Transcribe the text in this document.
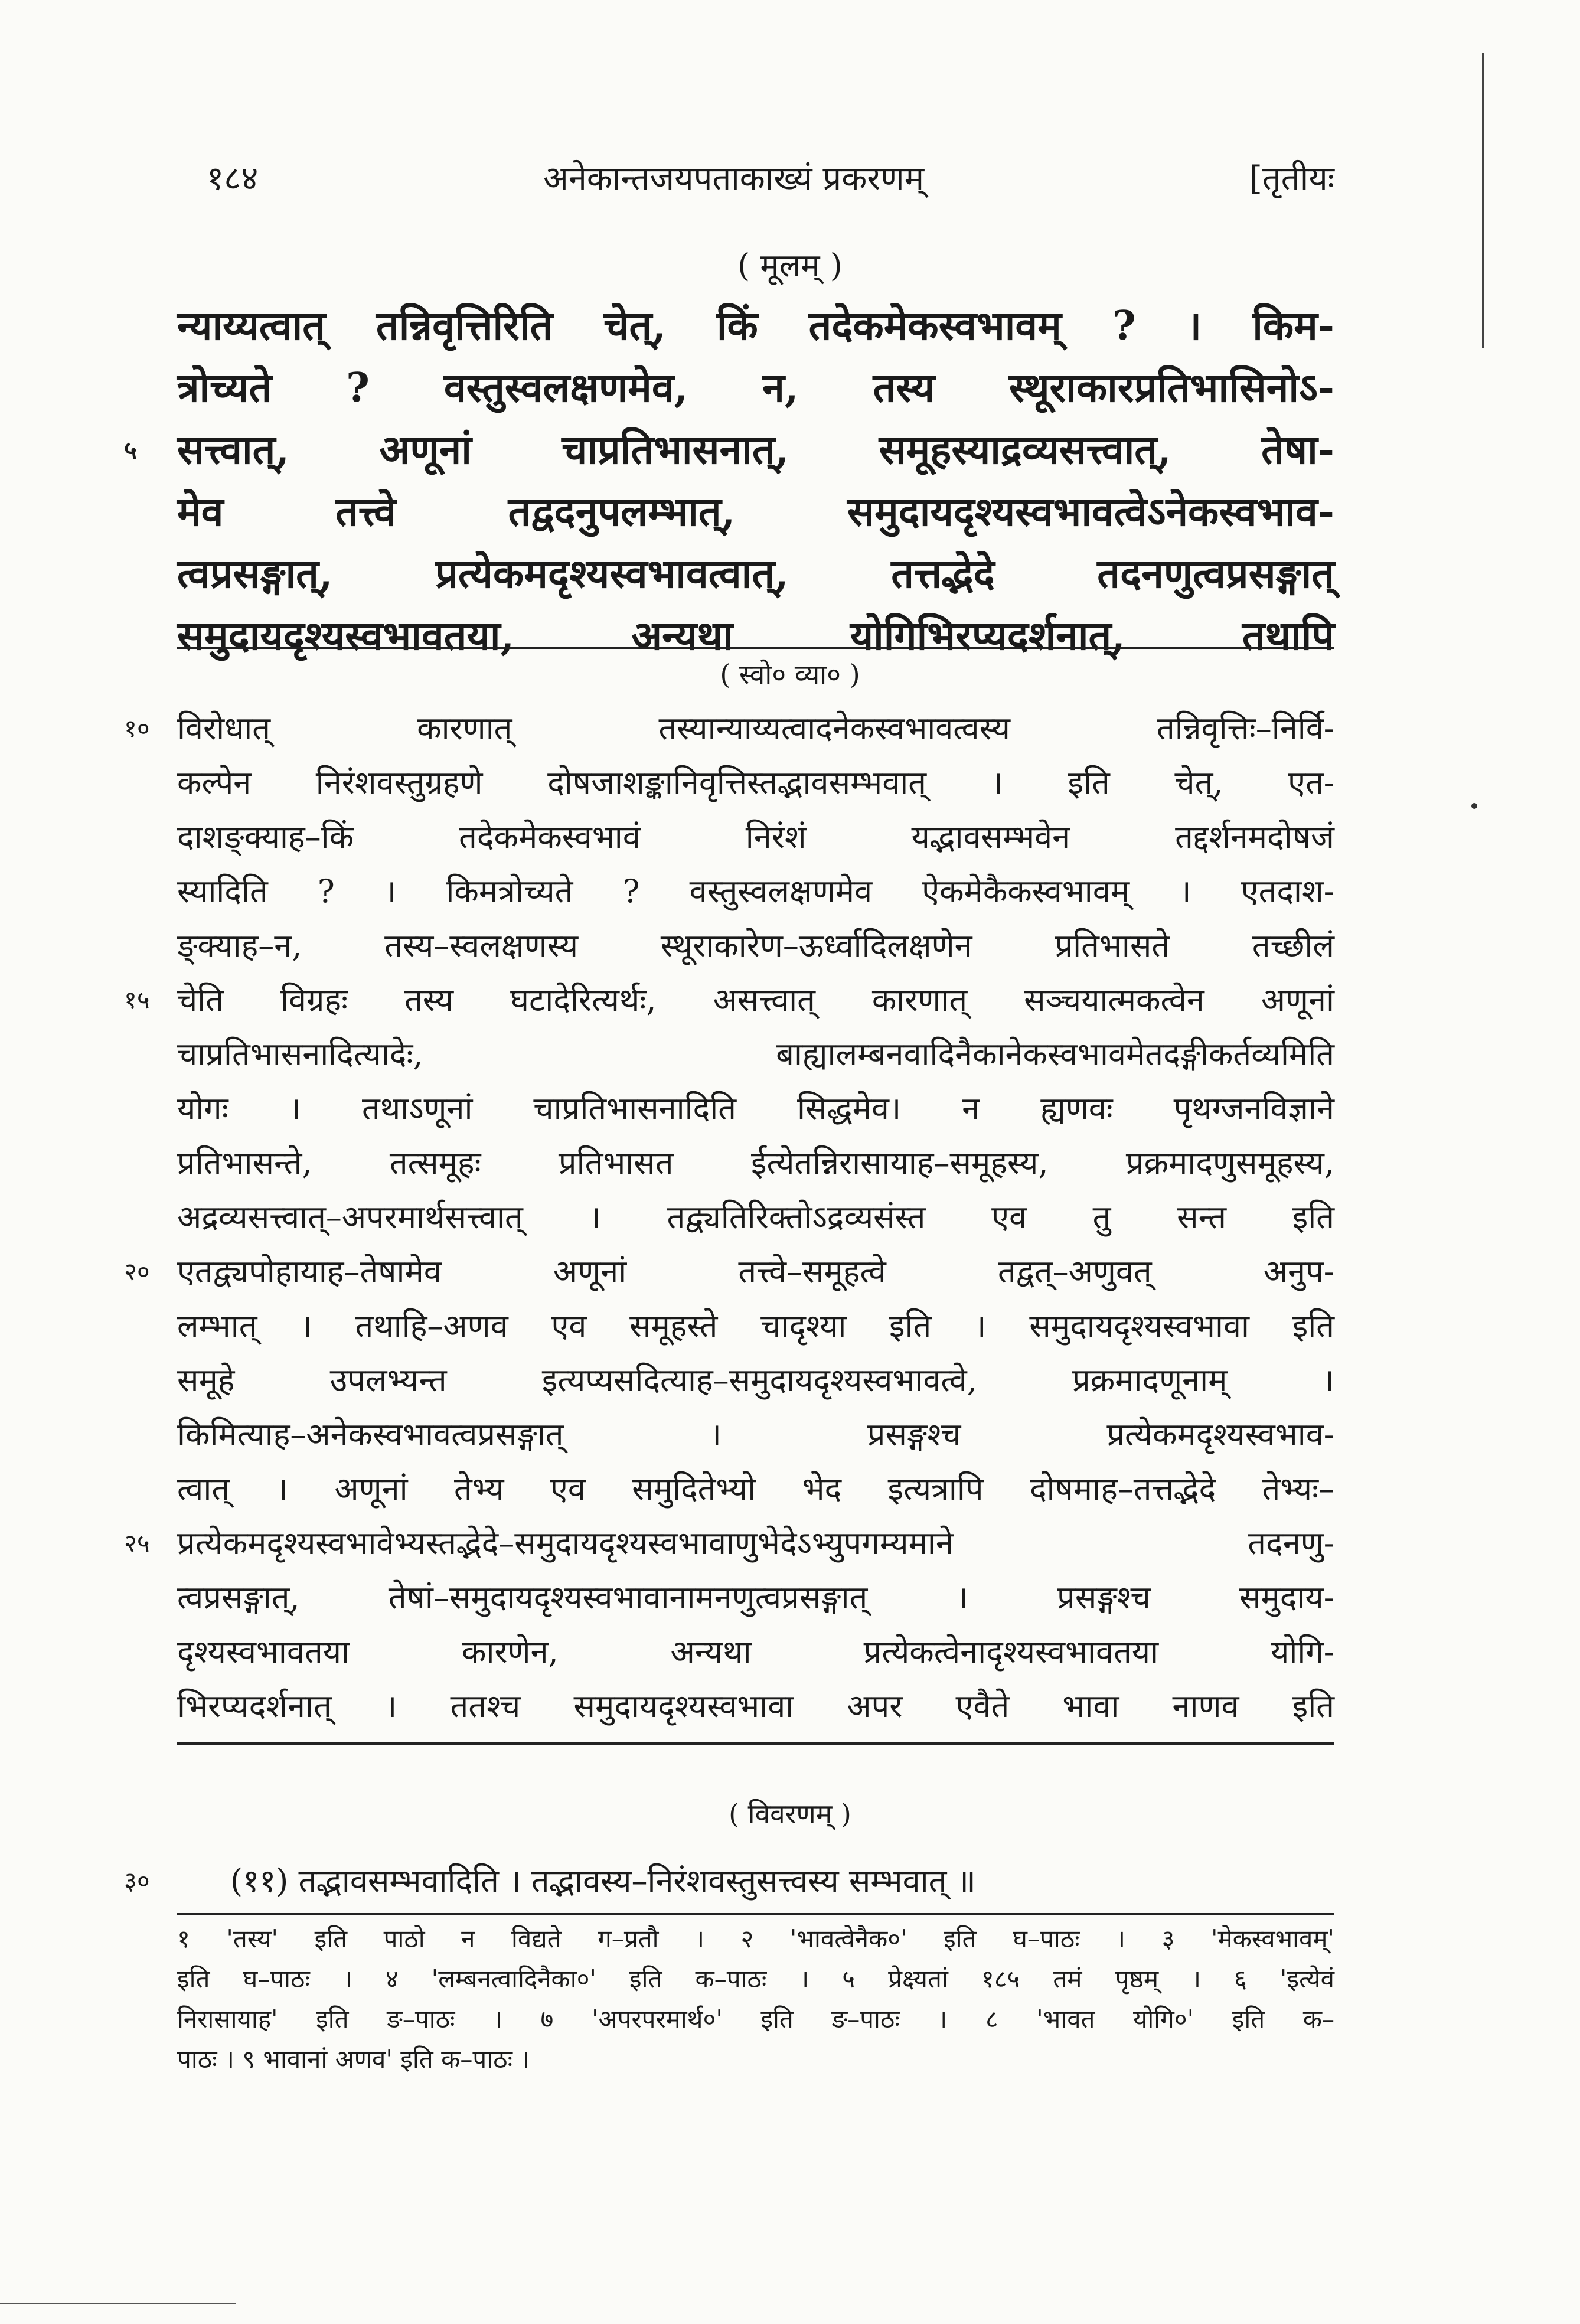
१८४	अनेकान्तजयपताकाख्यं प्रकरणम्	[तृतीयः
( मूलम् )
न्याय्यत्वात् तन्निवृत्तिरिति चेत्, किं तदेकमेकस्वभावम् ? । किम-
त्रोच्यते ? वस्तुस्वलक्षणमेव, न, तस्य स्थूराकारप्रतिभासिनोऽ-
५	सत्त्वात्, अणूनां चाप्रतिभासनात्, समूहस्याद्रव्यसत्त्वात्, तेषा-
मेव तत्त्वे तद्वदनुपलम्भात्, समुदायदृश्यस्वभावत्वेऽनेकस्वभाव-
त्वप्रसङ्गात्, प्रत्येकमदृश्यस्वभावत्वात्, तत्तद्भेदे तदनणुत्वप्रसङ्गात्
समुदायदृश्यस्वभावतया, अन्यथा योगिभिरप्यदर्शनात्, तथापि
( स्वो० व्या० )
१० विरोधात् कारणात् तस्यान्याय्यत्वादनेकस्वभावत्वस्य तन्निवृत्तिः–निर्वि-
कल्पेन निरंशवस्तुग्रहणे दोषजाशङ्कानिवृत्तिस्तद्भावसम्भवात् । इति चेत्, एत-
दाशङ्क्याह–किं तदेकमेकस्वभावं निरंशं यद्भावसम्भवेन तद्दर्शनमदोषजं
स्यादिति ? । किमत्रोच्यते ? वस्तुस्वलक्षणमेव ऐकमेकैकस्वभावम् । एतदाश-
ङ्क्याह–न, तस्य–स्वलक्षणस्य स्थूराकारेण–ऊर्ध्वादिलक्षणेन प्रतिभासते तच्छीलं
१५ चेति विग्रहः तस्य घटादेरित्यर्थः, असत्त्वात् कारणात् सञ्चयात्मकत्वेन अणूनां
चाप्रतिभासनादित्यादेः, बाह्यालम्बनवादिनैकानेकस्वभावमेतदङ्गीकर्तव्यमिति
योगः । तथाऽणूनां चाप्रतिभासनादिति सिद्धमेव। न ह्यणवः पृथग्जनविज्ञाने
प्रतिभासन्ते, तत्समूहः प्रतिभासत ईत्येतन्निरासायाह–समूहस्य, प्रक्रमादणुसमूहस्य,
अद्रव्यसत्त्वात्–अपरमार्थसत्त्वात् । तद्व्यतिरिक्तोऽद्रव्यसंस्त एव तु सन्त इति
२० एतद्व्यपोहायाह–तेषामेव अणूनां तत्त्वे–समूहत्वे तद्वत्–अणुवत् अनुप-
लम्भात् । तथाहि–अणव एव समूहस्ते चादृश्या इति । समुदायदृश्यस्वभावा इति
समूहे उपलभ्यन्त इत्यप्यसदित्याह–समुदायदृश्यस्वभावत्वे, प्रक्रमादणूनाम् ।
किमित्याह–अनेकस्वभावत्वप्रसङ्गात् । प्रसङ्गश्च प्रत्येकमदृश्यस्वभाव-
त्वात् । अणूनां तेभ्य एव समुदितेभ्यो भेद इत्यत्रापि दोषमाह–तत्तद्भेदे तेभ्यः–
२५ प्रत्येकमदृश्यस्वभावेभ्यस्तद्भेदे–समुदायदृश्यस्वभावाणुभेदेऽभ्युपगम्यमाने तदनणु-
त्वप्रसङ्गात्, तेषां–समुदायदृश्यस्वभावानामनणुत्वप्रसङ्गात् । प्रसङ्गश्च समुदाय-
दृश्यस्वभावतया कारणेन, अन्यथा प्रत्येकत्वेनादृश्यस्वभावतया योगि-
भिरप्यदर्शनात् । ततश्च समुदायदृश्यस्वभावा अपर एवैते भावा नाणव इति
( विवरणम् )
३०	(११) तद्भावसम्भवादिति । तद्भावस्य–निरंशवस्तुसत्त्वस्य सम्भवात् ॥
१ 'तस्य' इति पाठो न विद्यते ग–प्रतौ । २ 'भावत्वेनैक०' इति घ–पाठः । ३ 'मेकस्वभावम्'
इति घ–पाठः । ४ 'लम्बनत्वादिनैका०' इति क–पाठः । ५ प्रेक्ष्यतां १८५ तमं पृष्ठम् । ६ 'इत्येवं
निरासायाह' इति ङ–पाठः । ७ 'अपरपरमार्थ०' इति ङ–पाठः । ८ 'भावत योगि०' इति क–
पाठः । ९ भावानां अणव' इति क–पाठः ।
